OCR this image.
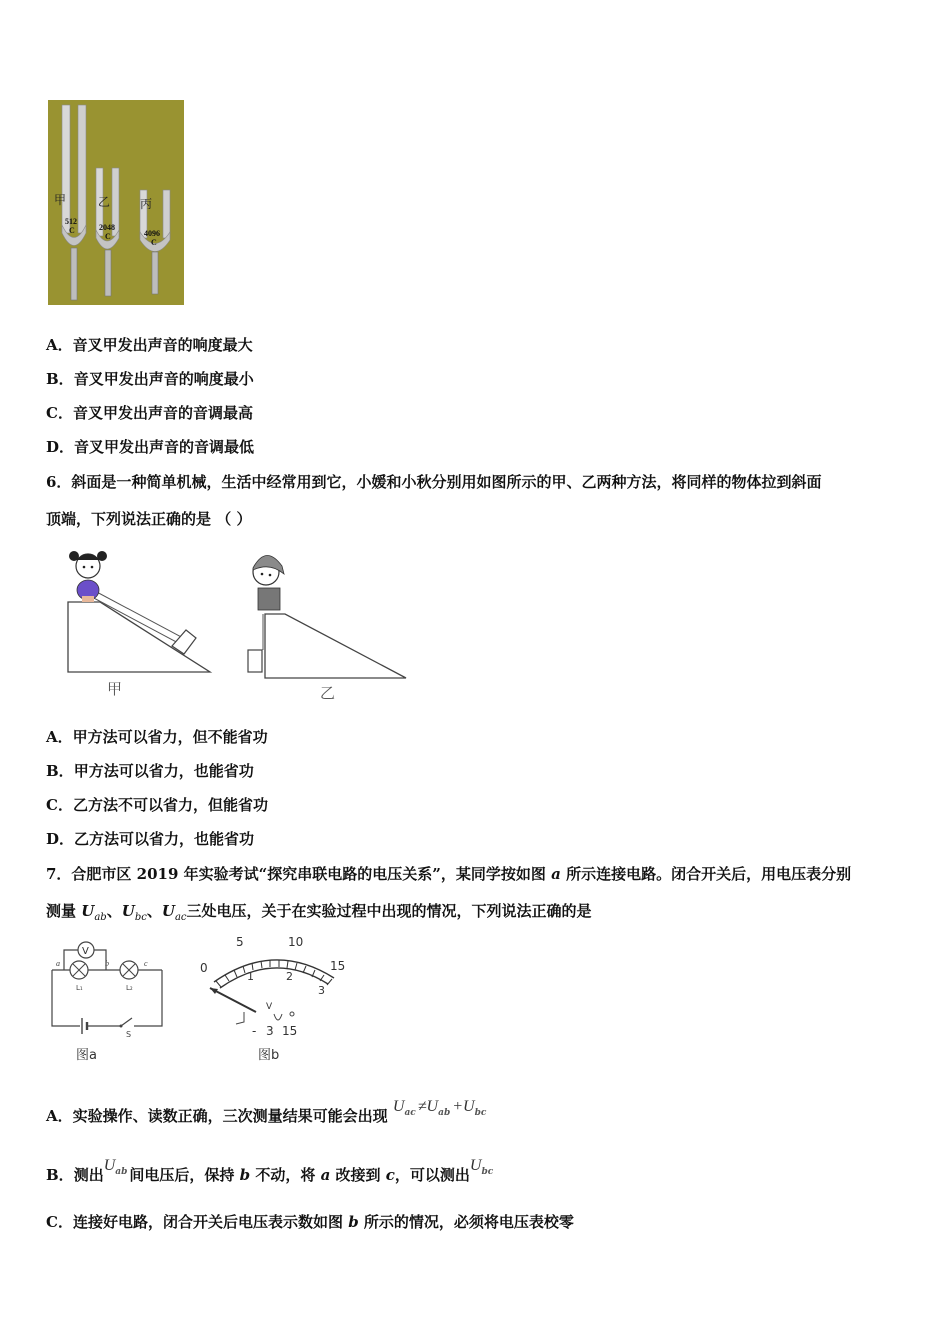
甲	乙 丙
512
C	2048
C	4096
C
A．音叉甲发出声音的响度最大
B．音叉甲发出声音的响度最小
C．音叉甲发出声音的音调最高
D．音叉甲发出声音的音调最低
6．斜面是一种简单机械，生活中经常用到它，小媛和小秋分别用如图所示的甲、乙两种方法，将同样的物体拉到斜面
顶端，下列说法正确的是 （ ）
甲	乙
A．甲方法可以省力，但不能省功
B．甲方法可以省力，也能省功
C．乙方法不可以省力，但能省功
D．乙方法可以省力，也能省功
7．合肥市区 2019 年实验考试“探究串联电路的电压关系”，某同学按如图 a 所示连接电路。闭合开关后，用电压表分别
测量 $U_{ab}$、$U_{bc}$、$U_{ac}$三处电压，关于在实验过程中出现的情况，下列说法正确的是
V
a	b	c
L₁	L₂
S
图a
0
5	10
15
1	2
3
V
- 3 15
图b
A．实验操作、读数正确，三次测量结果可能会出现 $U_{ac} \ne U_{ab} +U_{bc}$
B．测出$U_{ab}$ 间电压后，保持 b 不动，将 a 改接到 c，可以测出$U_{bc}$
C．连接好电路，闭合开关后电压表示数如图 b 所示的情况，必须将电压表校零
